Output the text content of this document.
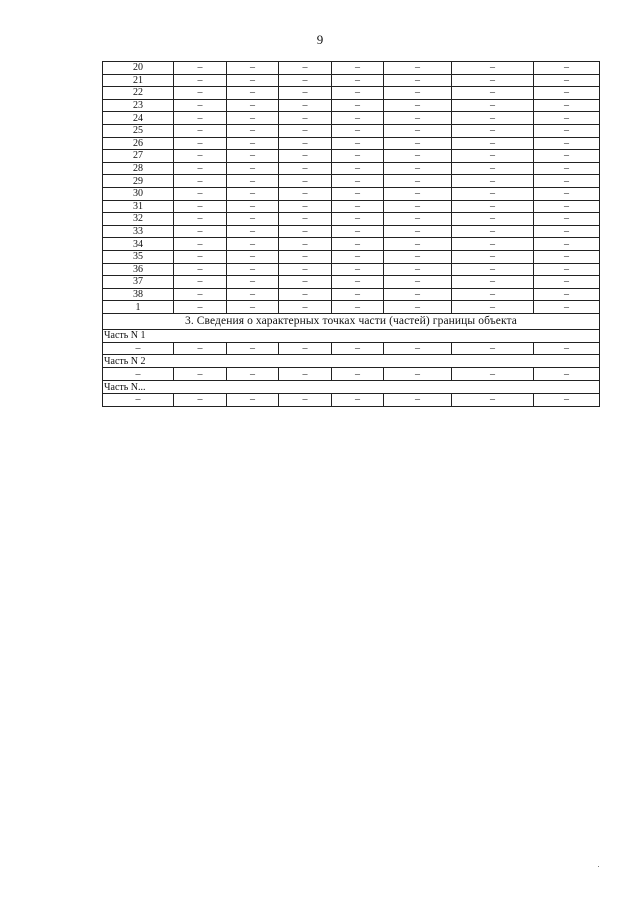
9
20	–	–	–	–	–	–	–
21	–	–	–	–	–	–	–
22	–	–	–	–	–	–	–
23	–	–	–	–	–	–	–
24	–	–	–	–	–	–	–
25	–	–	–	–	–	–	–
26	–	–	–	–	–	–	–
27	–	–	–	–	–	–	–
28	–	–	–	–	–	–	–
29	–	–	–	–	–	–	–
30	–	–	–	–	–	–	–
31	–	–	–	–	–	–	–
32	–	–	–	–	–	–	–
33	–	–	–	–	–	–	–
34	–	–	–	–	–	–	–
35	–	–	–	–	–	–	–
36	–	–	–	–	–	–	–
37	–	–	–	–	–	–	–
38	–	–	–	–	–	–	–
1	–	–	–	–	–	–	–
3. Сведения о характерных точках части (частей) границы объекта							
Часть N 1							
–	–	–	–	–	–	–	–
Часть N 2							
–	–	–	–	–	–	–	–
Часть N...							
–	–	–	–	–	–	–	–
